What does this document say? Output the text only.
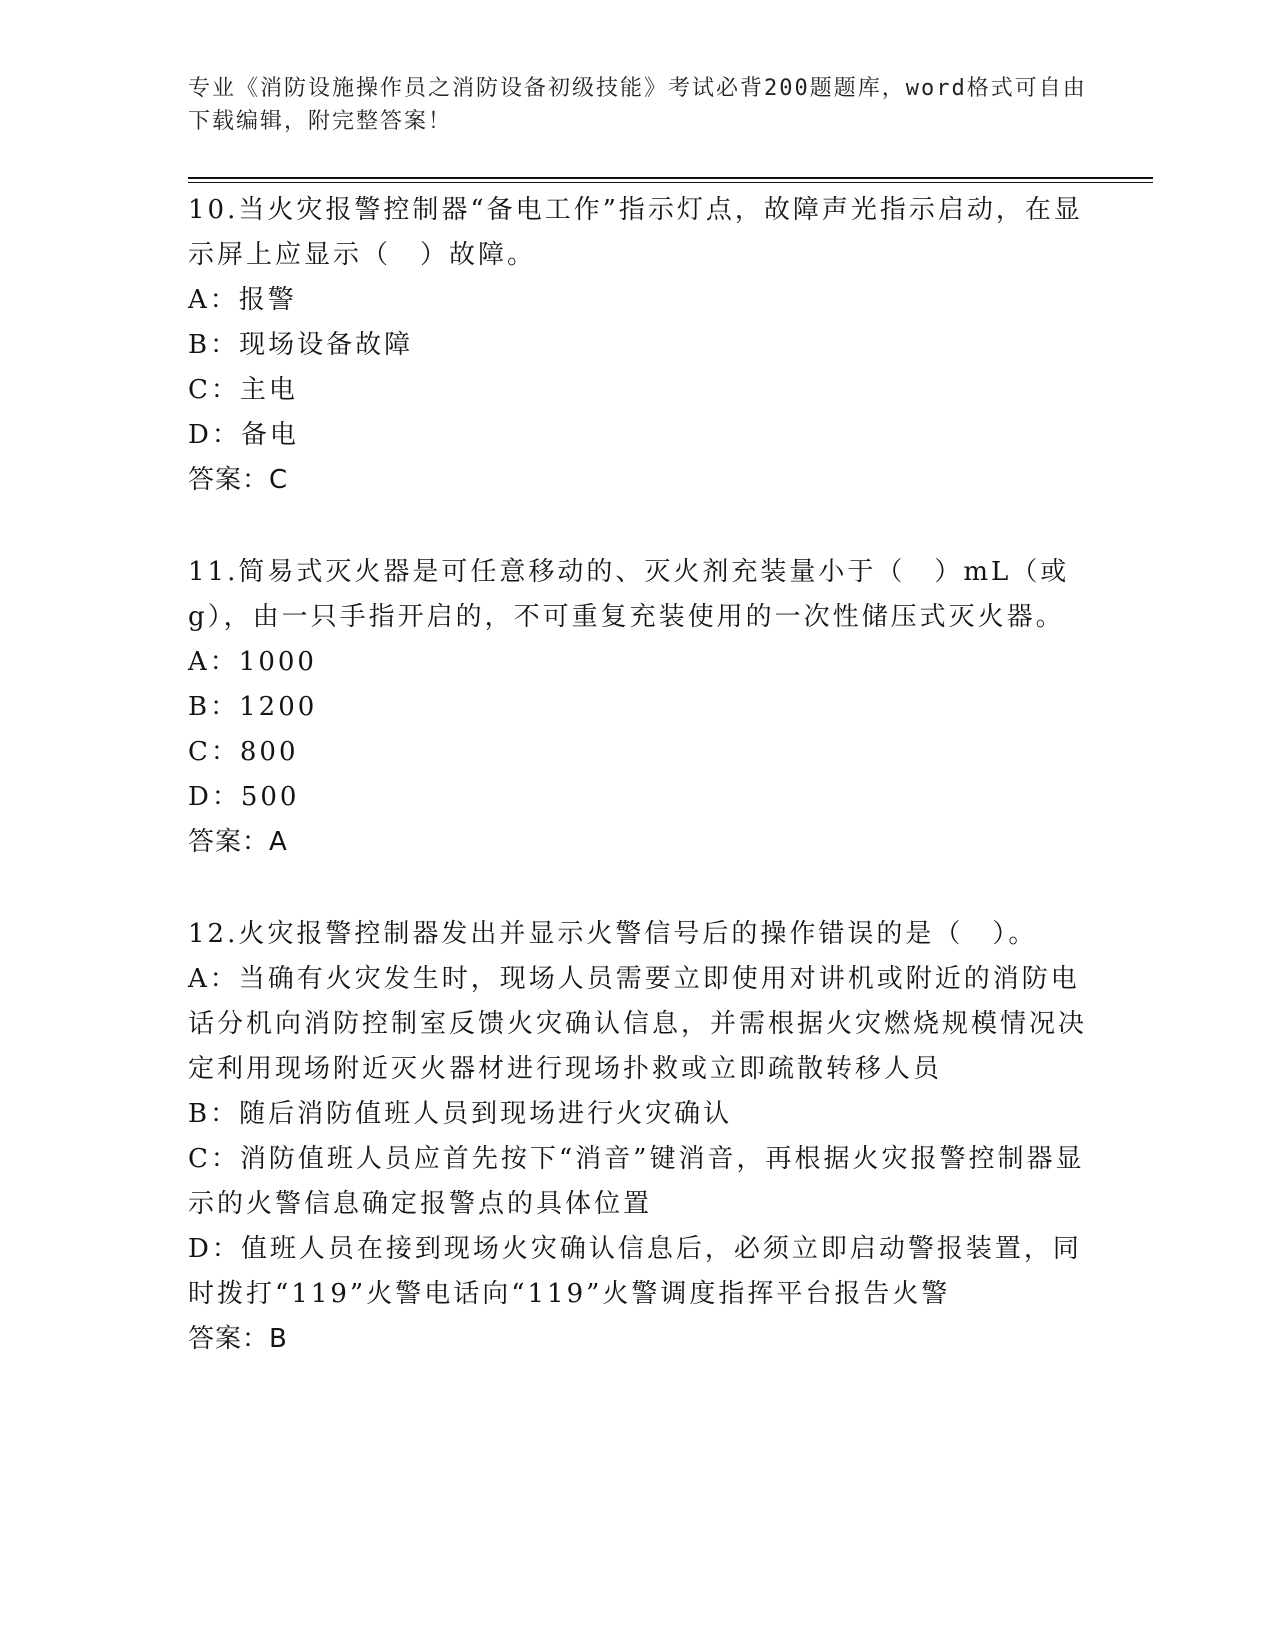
专业《消防设施操作员之消防设备初级技能》考试必背200题题库，word格式可自由下载编辑，附完整答案！
10.当火灾报警控制器“备电工作”指示灯点，故障声光指示启动，在显示屏上应显示（　）故障。
A：报警
B：现场设备故障
C：主电
D：备电
答案：C
11.简易式灭火器是可任意移动的、灭火剂充装量小于（　）mL（或g），由一只手指开启的，不可重复充装使用的一次性储压式灭火器。
A：1000
B：1200
C：800
D：500
答案：A
12.火灾报警控制器发出并显示火警信号后的操作错误的是（　）。
A：当确有火灾发生时，现场人员需要立即使用对讲机或附近的消防电话分机向消防控制室反馈火灾确认信息，并需根据火灾燃烧规模情况决定利用现场附近灭火器材进行现场扑救或立即疏散转移人员
B：随后消防值班人员到现场进行火灾确认
C：消防值班人员应首先按下“消音”键消音，再根据火灾报警控制器显示的火警信息确定报警点的具体位置
D：值班人员在接到现场火灾确认信息后，必须立即启动警报装置，同时拨打“119”火警电话向“119”火警调度指挥平台报告火警
答案：B
